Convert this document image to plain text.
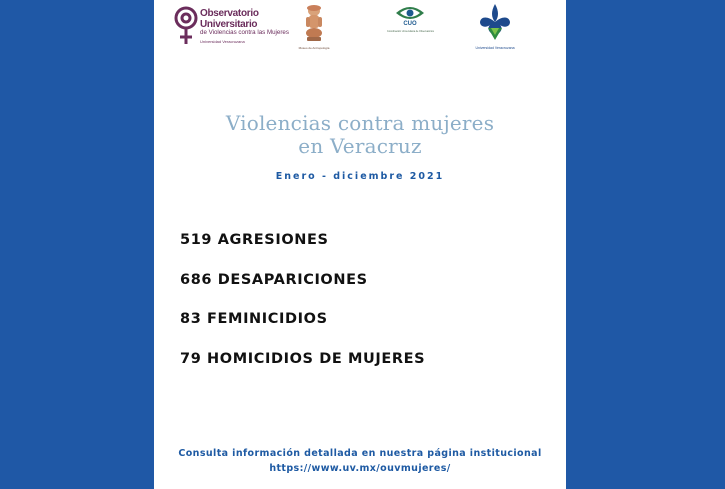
Observatorio Universitario
de Violencias contra las Mujeres
Universidad Veracruzana
Museo de Antropología
CUO
Coordinación Universitaria de Observatorios
Universidad Veracruzana
Violencias contra mujeres
en Veracruz
Enero - diciembre 2021
519 AGRESIONES
686 DESAPARICIONES
83 FEMINICIDIOS
79 HOMICIDIOS DE MUJERES
Consulta información detallada en nuestra página institucional
https://www.uv.mx/ouvmujeres/
